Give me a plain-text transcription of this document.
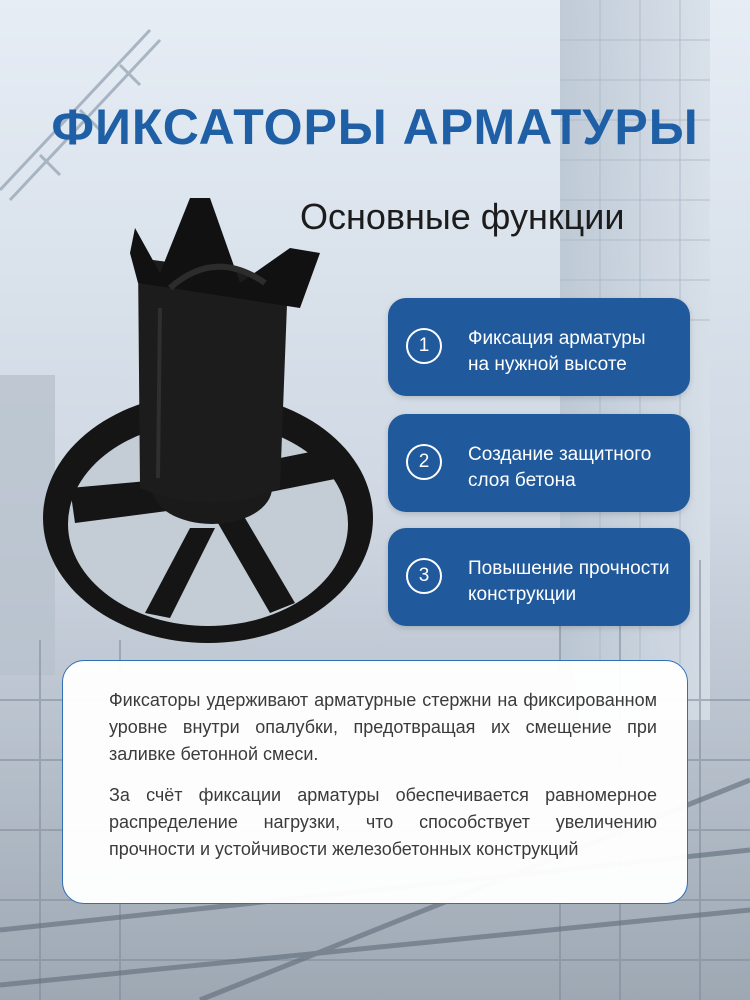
ФИКСАТОРЫ АРМАТУРЫ
Основные функции
1	Фиксация арматуры
на нужной высоте
2	Создание защитного
слоя бетона
3	Повышение прочности
конструкции

Фиксаторы удерживают арматурные стержни на фиксированном уровне внутри опалубки, предотвращая их смещение при заливке бетонной смеси.

За счёт фиксации арматуры обеспечивается равномерное распределение нагрузки, что способствует увеличению прочности и устойчивости железобетонных конструкций
